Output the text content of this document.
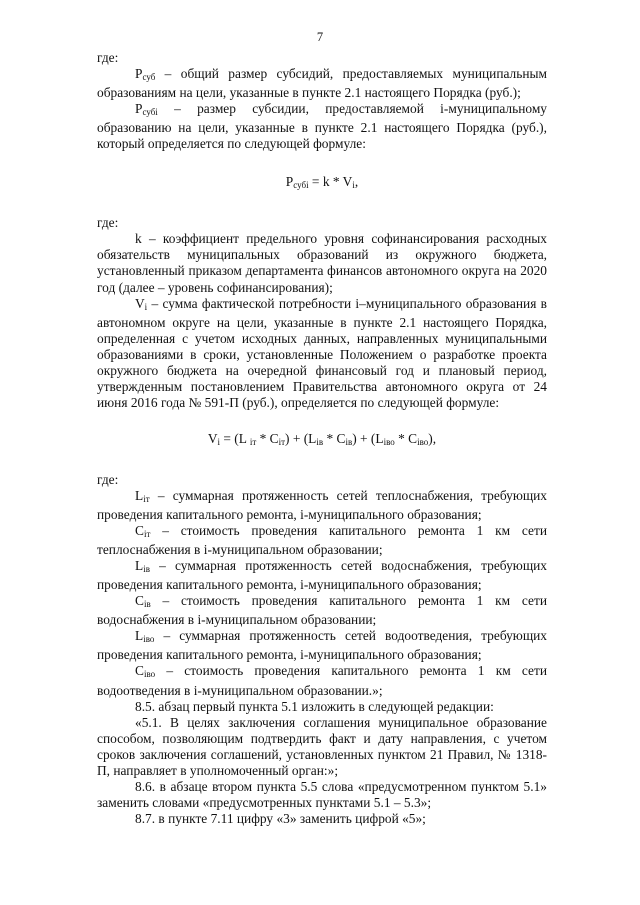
7

где:

$Р_{суб}$ – общий размер субсидий, предоставляемых муниципальным образованиям на цели, указанные в пункте 2.1 настоящего Порядка (руб.);

$Р_{субi}$ – размер субсидии, предоставляемой i-муниципальному образованию на цели, указанные в пункте 2.1 настоящего Порядка (руб.), который определяется по следующей формуле:

$Р_{субi} = k * V_i$,

где:

k – коэффициент предельного уровня софинансирования расходных обязательств муниципальных образований из окружного бюджета, установленный приказом департамента финансов автономного округа на 2020 год (далее – уровень софинансирования);

$V_i$ – сумма фактической потребности i–муниципального образования в автономном округе на цели, указанные в пункте 2.1 настоящего Порядка, определенная с учетом исходных данных, направленных муниципальными образованиями в сроки, установленные Положением о разработке проекта окружного бюджета на очередной финансовый год и плановый период, утвержденным постановлением Правительства автономного округа от 24 июня 2016 года № 591-П (руб.), определяется по следующей формуле:

$V_i = (L$ $_{iт} * C_{iт}) + (L_{iв} * C_{iв}) + (L_{iво} * C_{iво})$,

где:

$L_{iт}$ – суммарная протяженность сетей теплоснабжения, требующих проведения капитального ремонта, i-муниципального образования;

$С_{iт}$ – стоимость проведения капитального ремонта 1 км сети теплоснабжения в i-муниципальном образовании;

$L_{iв}$ – суммарная протяженность сетей водоснабжения, требующих проведения капитального ремонта, i-муниципального образования;

$С_{iв}$ – стоимость проведения капитального ремонта 1 км сети водоснабжения в i-муниципальном образовании;

$L_{iво}$ – суммарная протяженность сетей водоотведения, требующих проведения капитального ремонта, i-муниципального образования;

$С_{iво}$ – стоимость проведения капитального ремонта 1 км сети водоотведения в i-муниципальном образовании.»;

8.5. абзац первый пункта 5.1 изложить в следующей редакции:

«5.1. В целях заключения соглашения муниципальное образование способом, позволяющим подтвердить факт и дату направления, с учетом сроков заключения соглашений, установленных пунктом 21 Правил, № 1318-П, направляет в уполномоченный орган:»;

8.6. в абзаце втором пункта 5.5 слова «предусмотренном пунктом 5.1» заменить словами «предусмотренных пунктами 5.1 – 5.3»;

8.7. в пункте 7.11 цифру «3» заменить цифрой «5»;
